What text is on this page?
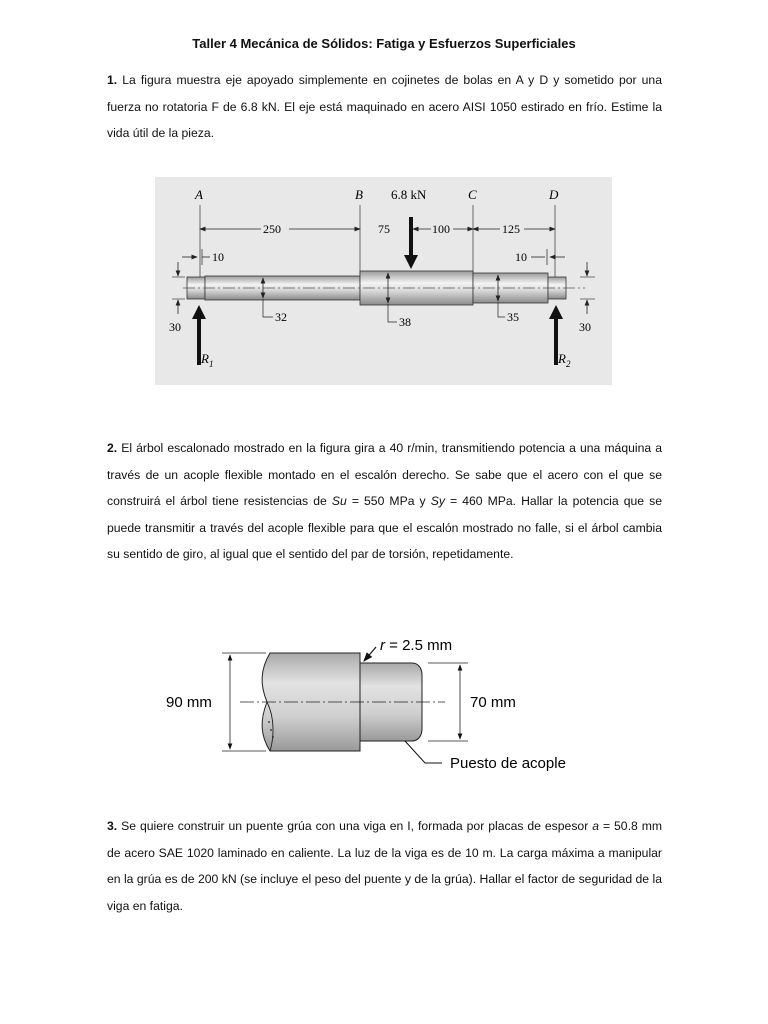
Taller 4 Mecánica de Sólidos: Fatiga y Esfuerzos Superficiales

1. La figura muestra eje apoyado simplemente en cojinetes de bolas en A y D y sometido por una fuerza no rotatoria F de 6.8 kN. El eje está maquinado en acero AISI 1050 estirado en frío. Estime la vida útil de la pieza.

A	B 6.8 kN	C	D
250	75	100	125
10	10
30	30
32	38	35
$R_1$	$R_2$

2. El árbol escalonado mostrado en la figura gira a 40 r/min, transmitiendo potencia a una máquina a través de un acople flexible montado en el escalón derecho. Se sabe que el acero con el que se construirá el árbol tiene resistencias de Su = 550 MPa y Sy = 460 MPa. Hallar la potencia que se puede transmitir a través del acople flexible para que el escalón mostrado no falle, si el árbol cambia su sentido de giro, al igual que el sentido del par de torsión, repetidamente.

90 mm	70 mm
r = 2.5 mm
Puesto de acople

3. Se quiere construir un puente grúa con una viga en I, formada por placas de espesor a = 50.8 mm de acero SAE 1020 laminado en caliente. La luz de la viga es de 10 m. La carga máxima a manipular en la grúa es de 200 kN (se incluye el peso del puente y de la grúa). Hallar el factor de seguridad de la viga en fatiga.
